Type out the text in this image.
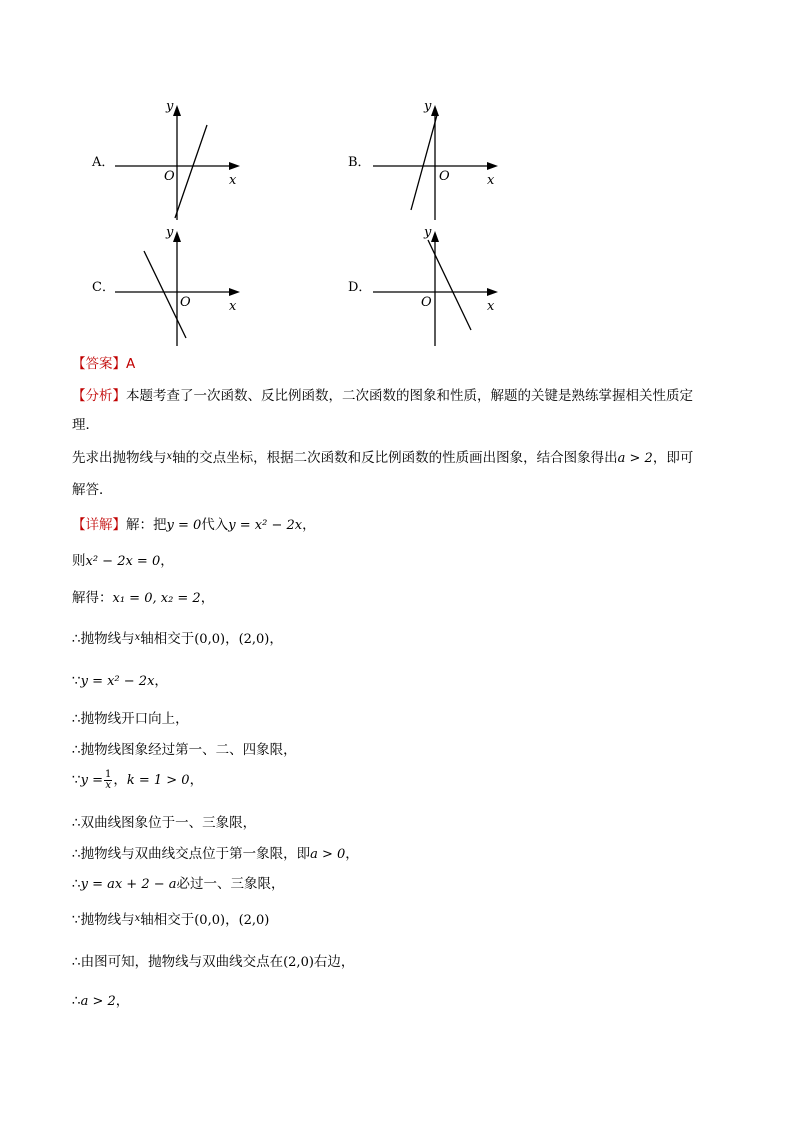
A．	B．
C．	D．
y
O	x
y
O	x
y
O	x
y
O	x
【答案】A
【分析】本题考查了一次函数、反比例函数，二次函数的图象和性质，解题的关键是熟练掌握相关性质定
理．
先求出抛物线与$^x$轴的交点坐标，根据二次函数和反比例函数的性质画出图象，结合图象得出a > 2，即可
解答．
【详解】解：把y = 0代入y = x² − 2x，
则x² − 2x = 0，
解得：x₁ = 0, x₂ = 2，
∴抛物线与$^x$轴相交于(0,0)，(2,0)，
∵y = x² − 2x，
∴抛物线开口向上，
∴抛物线图象经过第一、二、四象限，
∵y = $\frac{1}{x}$ ，k = 1 > 0，
∴双曲线图象位于一、三象限，
∴抛物线与双曲线交点位于第一象限，即a > 0，
∴y = ax + 2 − a必过一、三象限，
∵抛物线与$^x$轴相交于(0,0)，(2,0)
∴由图可知，抛物线与双曲线交点在(2,0)右边，
∴a > 2，
